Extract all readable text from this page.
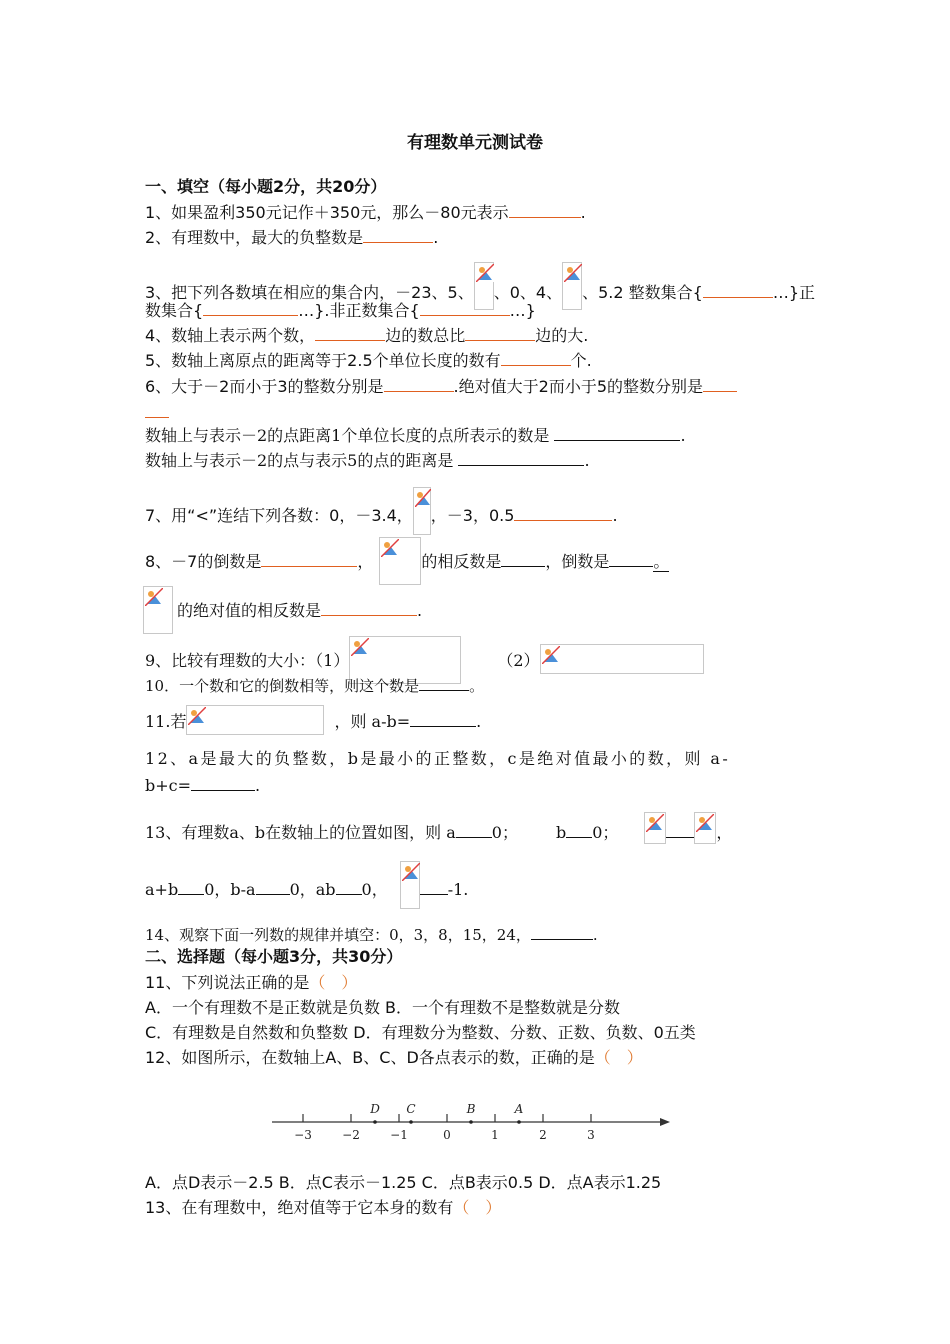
有理数单元测试卷
一、填空（每小题2分，共20分）
1、如果盈利350元记作＋350元，那么－80元表示	.
2、有理数中，最大的负整数是	.
3、把下列各数填在相应的集合内，－23、5、 、0、4、 、5.2 整数集合{	…}正
数集合{	…}.非正数集合{	…}
4、数轴上表示两个数，	边的数总比	边的大.
5、数轴上离原点的距离等于2.5个单位长度的数有	个.
6、大于－2而小于3的整数分别是	.绝对值大于2而小于5的整数分别是
数轴上与表示－2的点距离1个单位长度的点所表示的数是	.
数轴上与表示－2的点与表示5的点的距离是	.
7、用“<”连结下列各数：0，－3.4， ，－3，0.5	.
8、－7的倒数是	，	的相反数是	，倒数是	。
的绝对值的相反数是	.
9、比较有理数的大小：（1）	（2）
10．一个数和它的倒数相等，则这个数是	。
11.若	，则 a-b=	.
12、a是最大的负整数，b是最小的正整数，c是绝对值最小的数，则 a-
b+c=	.
13、有理数a、b在数轴上的位置如图，则 a 0； b 0；	，
a+b 0，b-a 0，ab 0，	-1.
14、观察下面一列数的规律并填空：0，3，8，15，24，	.
二、选择题（每小题3分，共30分）
11、下列说法正确的是（　）
A．一个有理数不是正数就是负数 B．一个有理数不是整数就是分数
C．有理数是自然数和负整数 D．有理数分为整数、分数、正数、负数、0五类
12、如图所示，在数轴上A、B、C、D各点表示的数，正确的是（　）
−3	−2	−1	0	1	2	3
D C	B	A
A．点D表示－2.5 B．点C表示－1.25 C．点B表示0.5 D．点A表示1.25
13、在有理数中，绝对值等于它本身的数有（　）
